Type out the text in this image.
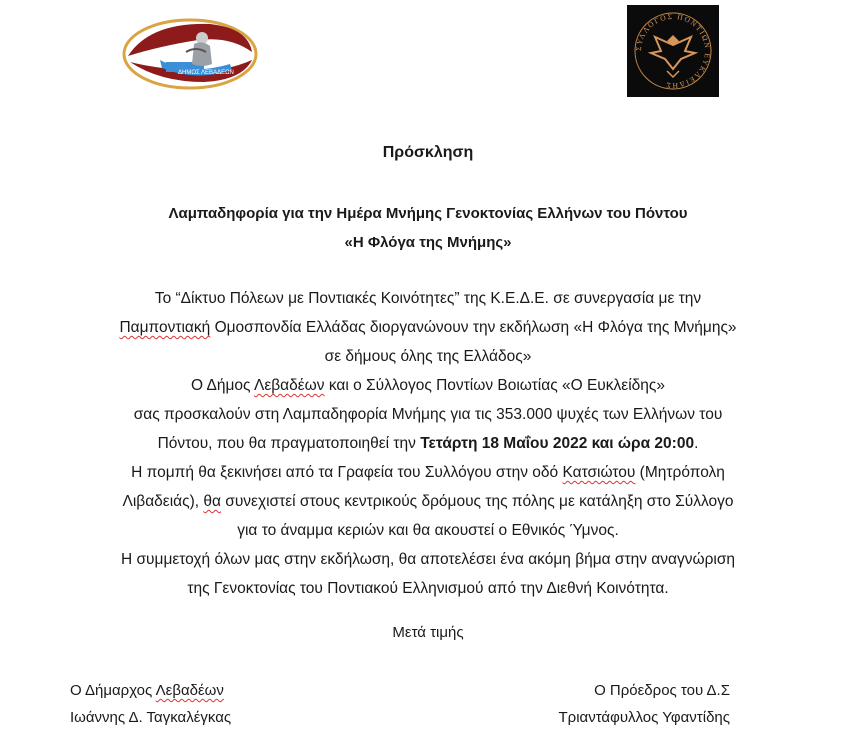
ΔΗΜΟΣ ΛΕΒΑΔΕΩΝ
ΣΥΛΛΟΓΟΣ ΠΟΝΤΙΩΝ ΕΥΚΛΕΙΔΗΣ
Πρόσκληση
Λαμπαδηφορία για την Ημέρα Μνήμης Γενοκτονίας Ελλήνων του Πόντου
«Η Φλόγα της Μνήμης»
Το “Δίκτυο Πόλεων με Ποντιακές Κοινότητες” της Κ.Ε.Δ.Ε. σε συνεργασία με την
Παμποντιακή Ομοσπονδία Ελλάδας διοργανώνουν την εκδήλωση «Η Φλόγα της Μνήμης»
σε δήμους όλης της Ελλάδος»
Ο Δήμος Λεβαδέων και ο Σύλλογος Ποντίων Βοιωτίας «Ο Ευκλείδης»
σας προσκαλούν στη Λαμπαδηφορία Μνήμης για τις 353.000 ψυχές των Ελλήνων του
Πόντου, που θα πραγματοποιηθεί την Τετάρτη 18 Μαΐου 2022 και ώρα 20:00.
Η πομπή θα ξεκινήσει από τα Γραφεία του Συλλόγου στην οδό Κατσιώτου (Μητρόπολη
Λιβαδειάς), θα συνεχιστεί στους κεντρικούς δρόμους της πόλης με κατάληξη στο Σύλλογο
για το άναμμα κεριών και θα ακουστεί ο Εθνικός Ύμνος.
Η συμμετοχή όλων μας στην εκδήλωση, θα αποτελέσει ένα ακόμη βήμα στην αναγνώριση
της Γενοκτονίας του Ποντιακού Ελληνισμού από την Διεθνή Κοινότητα.
Μετά τιμής
Ο Δήμαρχος Λεβαδέων
Ιωάννης Δ. Ταγκαλέγκας
Ο Πρόεδρος του Δ.Σ
Τριαντάφυλλος Υφαντίδης
